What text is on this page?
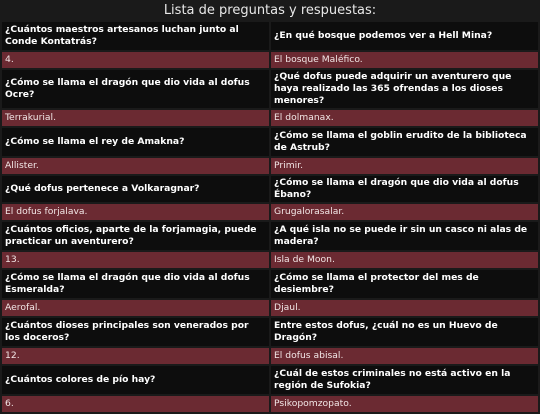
Lista de preguntas y respuestas:
¿Cuántos maestros artesanos luchan junto al Conde Kontatrás?	¿En qué bosque podemos ver a Hell Mina?
4.	El bosque Maléfico.
¿Cómo se llama el dragón que dio vida al dofus Ocre?	¿Qué dofus puede adquirir un aventurero que haya realizado las 365 ofrendas a los dioses menores?
Terrakurial.	El dolmanax.
¿Cómo se llama el rey de Amakna?	¿Cómo se llama el goblin erudito de la biblioteca de Astrub?
Allister.	Primir.
¿Qué dofus pertenece a Volkaragnar?	¿Cómo se llama el dragón que dio vida al dofus Ébano?
El dofus forjalava.	Grugalorasalar.
¿Cuántos oficios, aparte de la forjamagia, puede practicar un aventurero?	¿A qué isla no se puede ir sin un casco ni alas de madera?
13.	Isla de Moon.
¿Cómo se llama el dragón que dio vida al dofus Esmeralda?	¿Cómo se llama el protector del mes de desiembre?
Aerofal.	Djaul.
¿Cuántos dioses principales son venerados por los doceros?	Entre estos dofus, ¿cuál no es un Huevo de Dragón?
12.	El dofus abisal.
¿Cuántos colores de pío hay?	¿Cuál de estos criminales no está activo en la región de Sufokia?
6.	Psikopomzopato.
